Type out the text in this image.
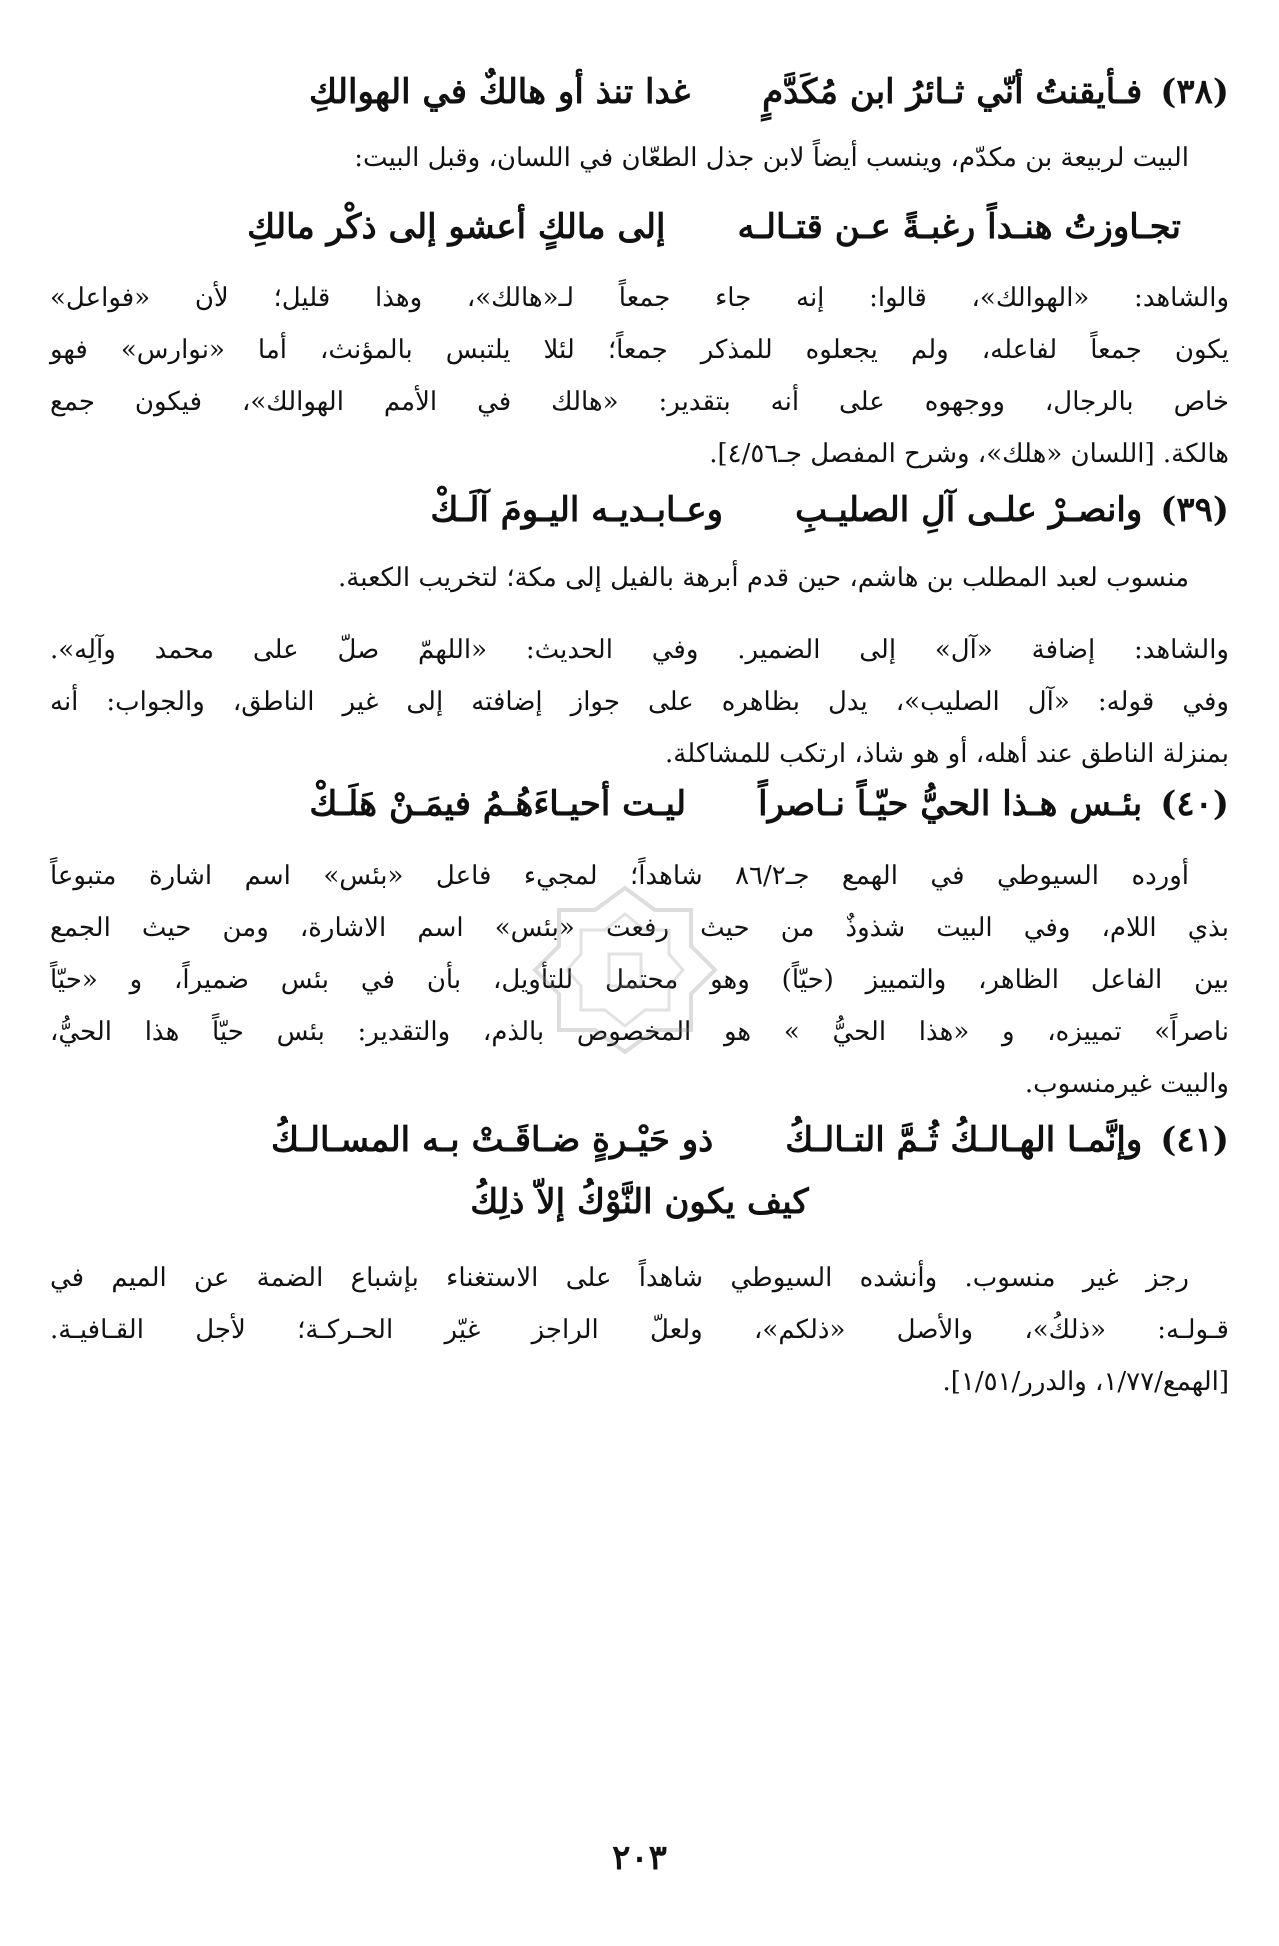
(٣٨)
فـأيقنتُ أنّي ثـائرُ ابن مُكَدَّمٍ
غدا تنذ أو هالكٌ في الهوالكِ
البيت لربيعة بن مكدّم، وينسب أيضاً لابن جذل الطعّان في اللسان، وقبل البيت:
تجـاوزتُ هنـداً رغبـةً عـن قتـالـه
إلى مالكٍ أعشو إلى ذكْر مالكِ
والشاهد: «الهوالك»، قالوا: إنه جاء جمعاً لـ«هالك»، وهذا قليل؛ لأن «فواعل»
يكون جمعاً لفاعله، ولم يجعلوه للمذكر جمعاً؛ لئلا يلتبس بالمؤنث، أما «نوارس» فهو
خاص بالرجال، ووجهوه على أنه بتقدير: «هالك في الأمم الهوالك»، فيكون جمع
هالكة. [اللسان «هلك»، وشرح المفصل جـ٤/٥٦].
(٣٩)
وانصـرْ علـى آلِ الصليـبِ
وعـابـديـه اليـومَ آلَـكْ
منسوب لعبد المطلب بن هاشم، حين قدم أبرهة بالفيل إلى مكة؛ لتخريب الكعبة.
والشاهد: إضافة «آل» إلى الضمير. وفي الحديث: «اللهمّ صلّ على محمد وآلِه».
وفي قوله: «آل الصليب»، يدل بظاهره على جواز إضافته إلى غير الناطق، والجواب: أنه
بمنزلة الناطق عند أهله، أو هو شاذ، ارتكب للمشاكلة.
(٤٠)
بئـس هـذا الحيُّ حيّـاً نـاصراً
ليـت أحيـاءَهُـمُ فيمَـنْ هَلَـكْ
أورده السيوطي في الهمع جـ٨٦/٢ شاهداً؛ لمجيء فاعل «بئس» اسم اشارة متبوعاً
بذي اللام، وفي البيت شذوذٌ من حيث رفعت «بئس» اسم الاشارة، ومن حيث الجمع
بين الفاعل الظاهر، والتمييز (حيّاً) وهو محتمل للتأويل، بأن في بئس ضميراً، و «حيّاً
ناصراً» تمييزه، و «هذا الحيُّ » هو المخصوص بالذم، والتقدير: بئس حيّاً هذا الحيُّ،
والبيت غيرمنسوب.
(٤١)
وإنَّمـا الهـالـكُ ثُـمَّ التـالـكُ
ذو حَيْـرةٍ ضـاقَـتْ بـه المسـالـكُ
كيف يكون النَّوْكُ إلاّ ذلِكُ
رجز غير منسوب. وأنشده السيوطي شاهداً على الاستغناء بإشباع الضمة عن الميم في
قـولـه: «ذلكُ»، والأصل «ذلكم»، ولعلّ الراجز غيّر الحـركـة؛ لأجل القـافيـة.
[الهمع/١/٧٧، والدرر/١/٥١].
٢٠٣
